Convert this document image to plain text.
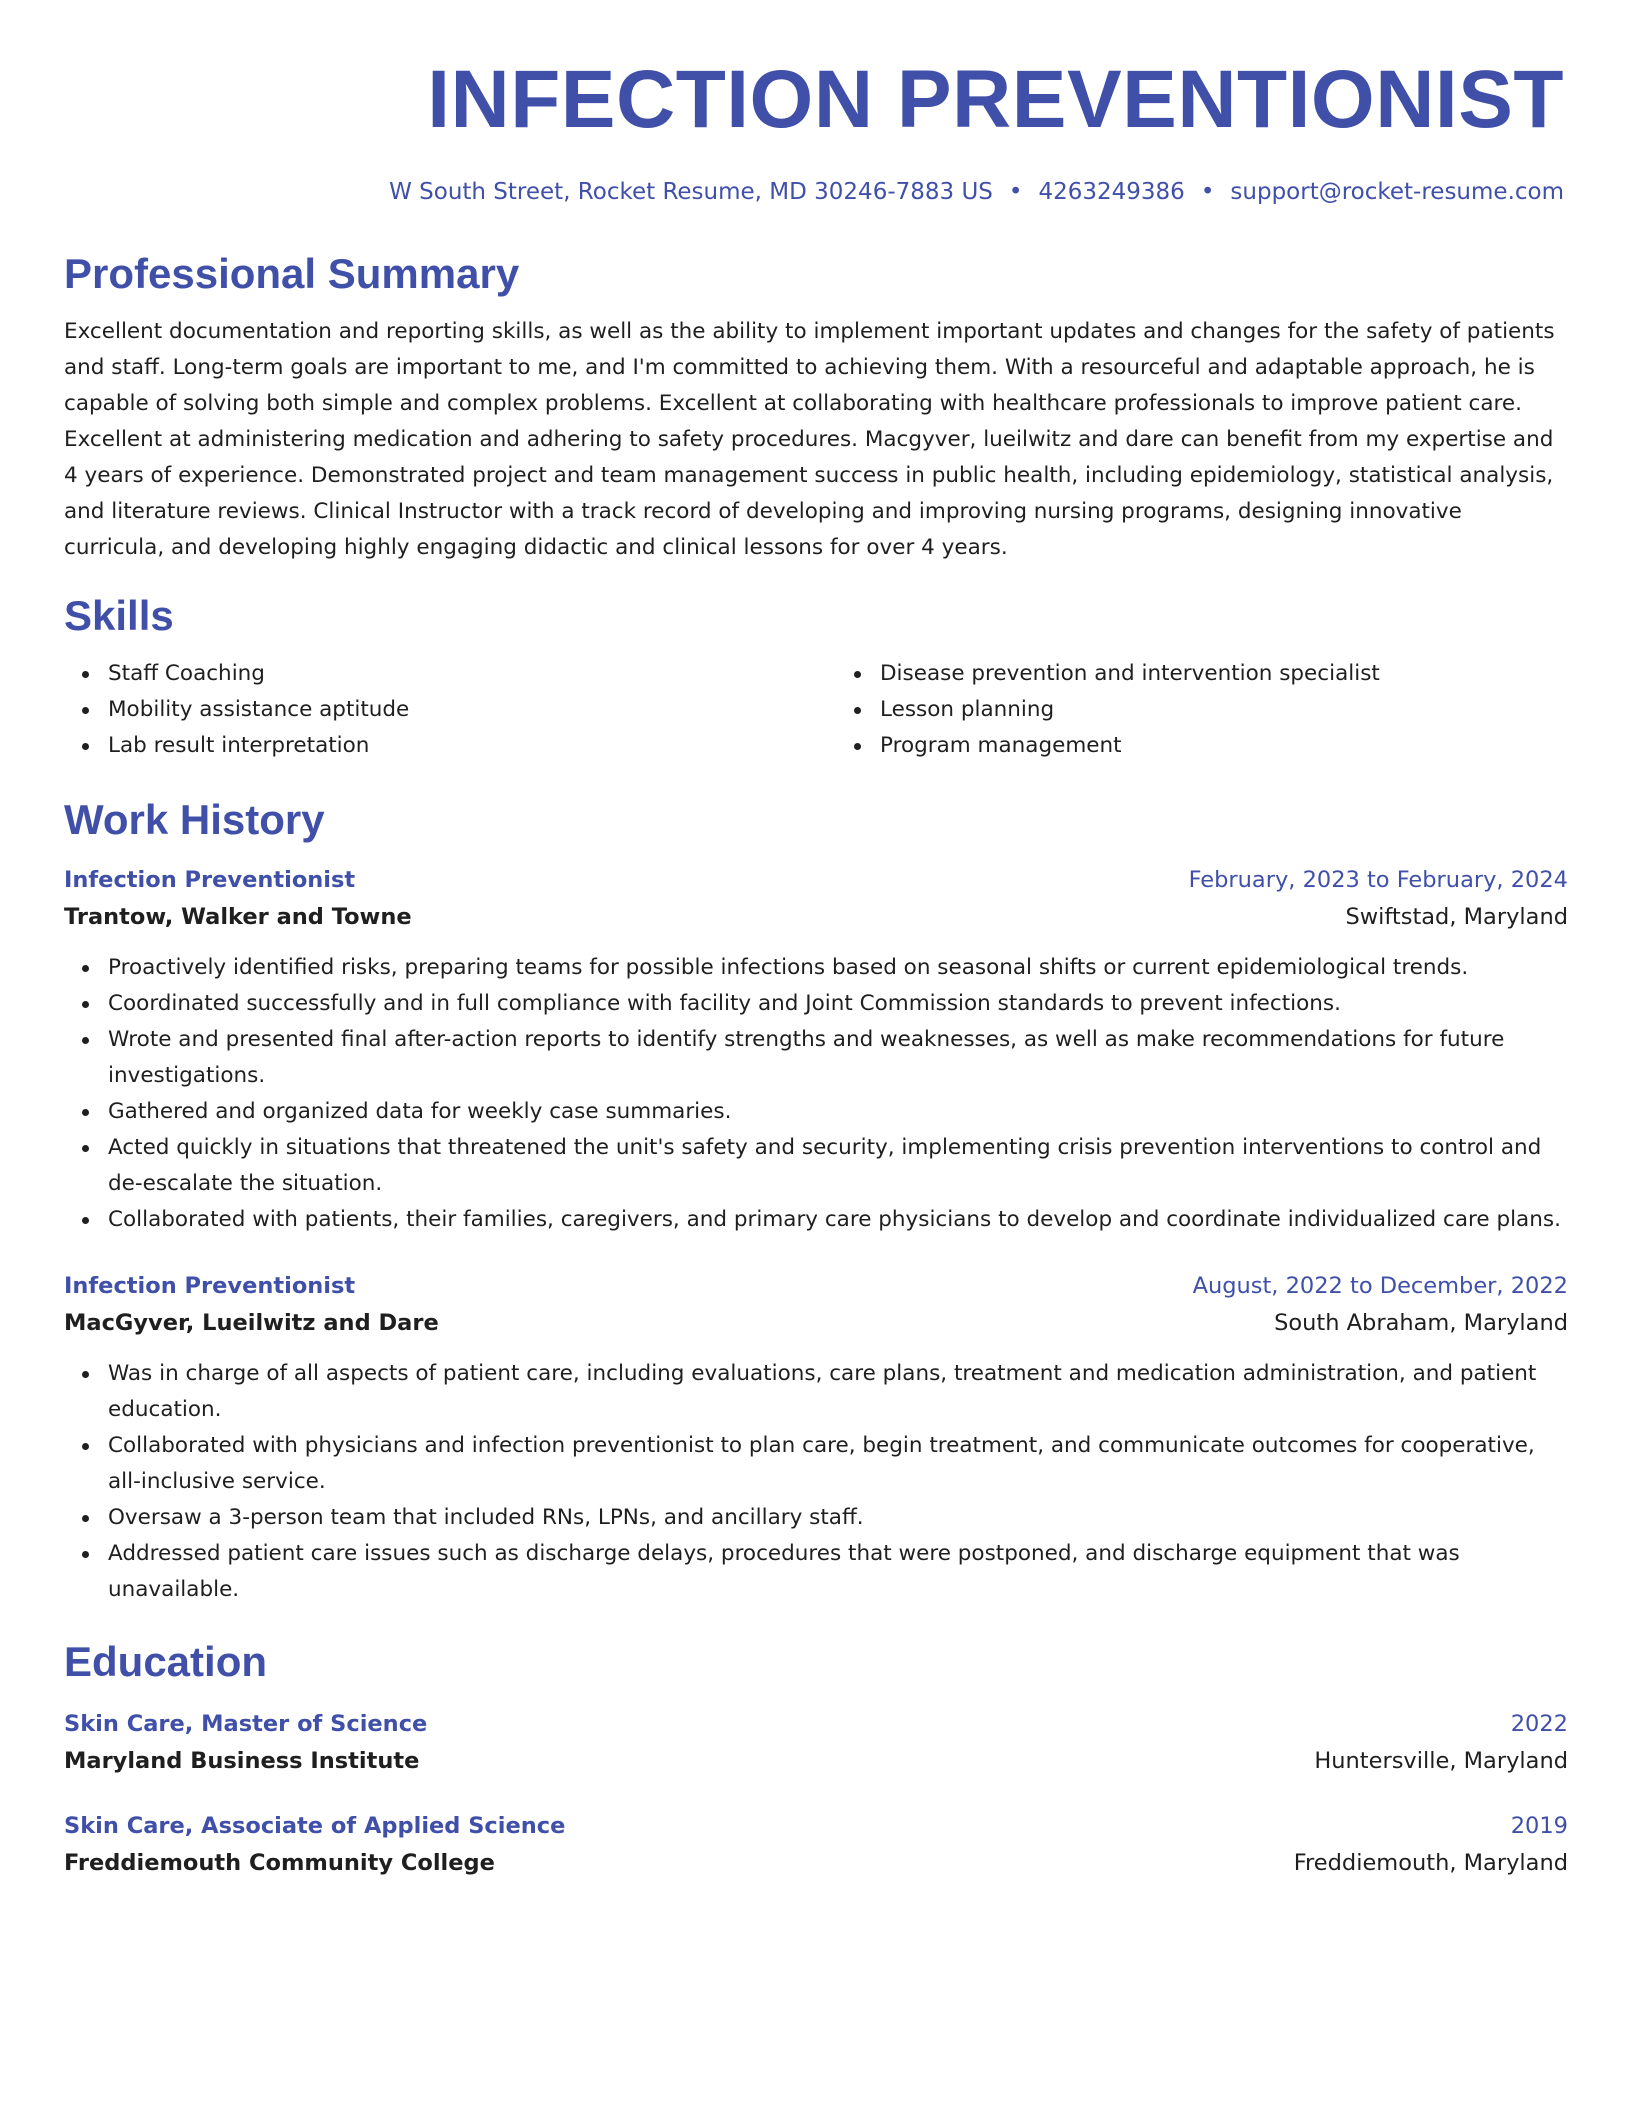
INFECTION PREVENTIONIST
W South Street, Rocket Resume, MD 30246-7883 US • 4263249386 • support@rocket-resume.com
Professional Summary

Excellent documentation and reporting skills, as well as the ability to implement important updates and changes for the safety of patients and staff. Long-term goals are important to me, and I'm committed to achieving them. With a resourceful and adaptable approach, he is capable of solving both simple and complex problems. Excellent at collaborating with healthcare professionals to improve patient care. Excellent at administering medication and adhering to safety procedures. Macgyver, lueilwitz and dare can benefit from my expertise and 4 years of experience. Demonstrated project and team management success in public health, including epidemiology, statistical analysis, and literature reviews. Clinical Instructor with a track record of developing and improving nursing programs, designing innovative curricula, and developing highly engaging didactic and clinical lessons for over 4 years.

Skills
Staff Coaching
Mobility assistance aptitude
Lab result interpretation
Disease prevention and intervention specialist
Lesson planning
Program management
Work History
Infection Preventionist	February, 2023 to February, 2024
Trantow, Walker and Towne	Swiftstad, Maryland
Proactively identified risks, preparing teams for possible infections based on seasonal shifts or current epidemiological trends.
Coordinated successfully and in full compliance with facility and Joint Commission standards to prevent infections.
Wrote and presented final after-action reports to identify strengths and weaknesses, as well as make recommendations for future investigations.
Gathered and organized data for weekly case summaries.
Acted quickly in situations that threatened the unit's safety and security, implementing crisis prevention interventions to control and de-escalate the situation.
Collaborated with patients, their families, caregivers, and primary care physicians to develop and coordinate individualized care plans.
Infection Preventionist	August, 2022 to December, 2022
MacGyver, Lueilwitz and Dare	South Abraham, Maryland
Was in charge of all aspects of patient care, including evaluations, care plans, treatment and medication administration, and patient education.
Collaborated with physicians and infection preventionist to plan care, begin treatment, and communicate outcomes for cooperative, all-inclusive service.
Oversaw a 3-person team that included RNs, LPNs, and ancillary staff.
Addressed patient care issues such as discharge delays, procedures that were postponed, and discharge equipment that was unavailable.
Education
Skin Care, Master of Science	2022
Maryland Business Institute	Huntersville, Maryland
Skin Care, Associate of Applied Science	2019
Freddiemouth Community College	Freddiemouth, Maryland
